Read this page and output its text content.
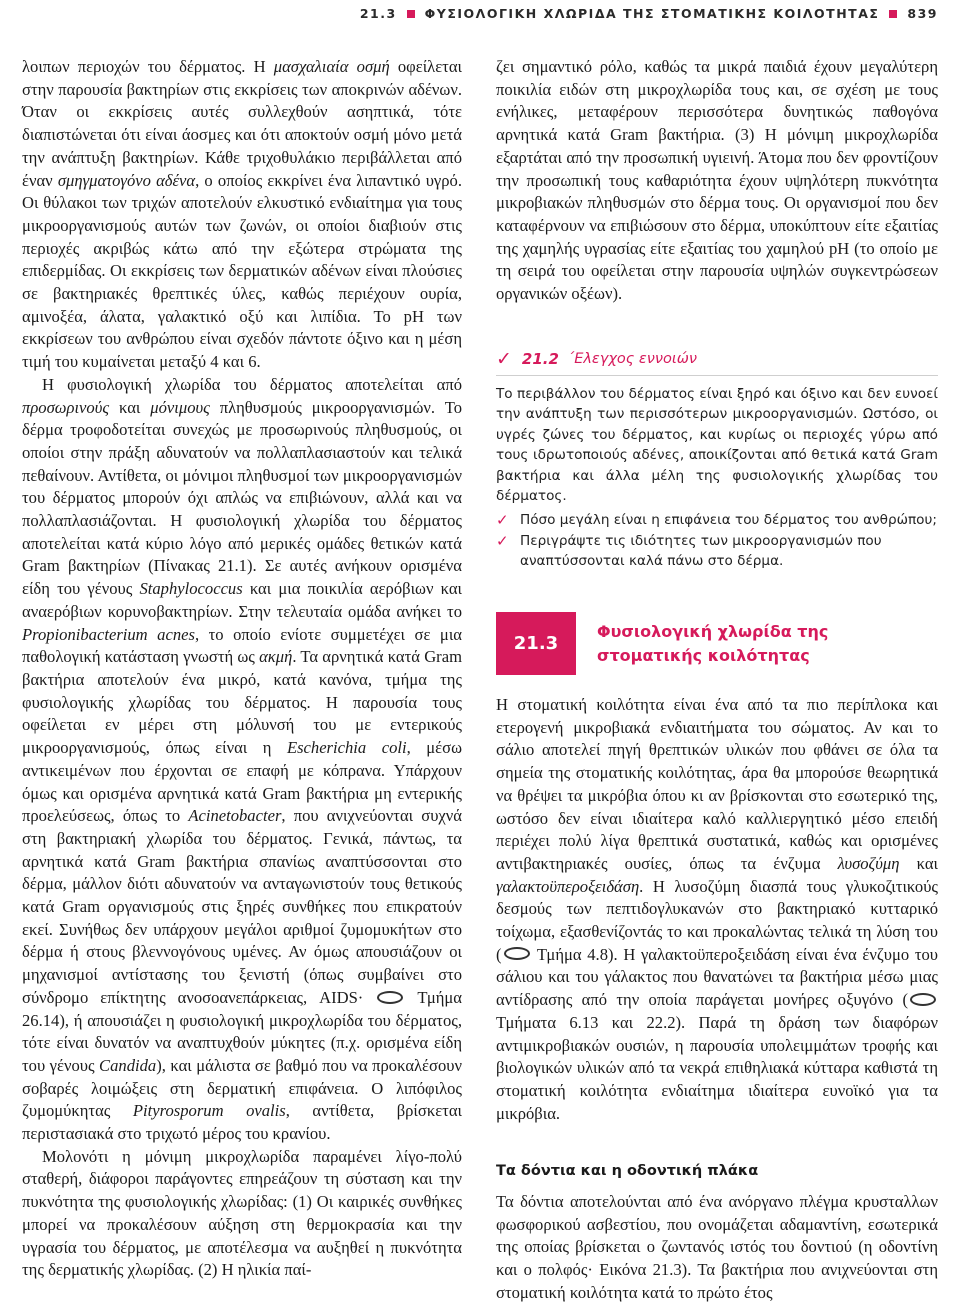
21.3 ΦΥΣΙΟΛΟΓΙΚΗ ΧΛΩΡΙΔΑ ΤΗΣ ΣΤΟΜΑΤΙΚΗΣ ΚΟΙΛΟΤΗΤΑΣ 839

λοιπων περιοχών του δέρματος. Η μασχαλιαία οσμή οφείλεται στην παρουσία βακτηρίων στις εκκρίσεις των αποκρινών αδένων. Όταν οι εκκρίσεις αυτές συλλεχθούν ασηπτικά, τότε διαπιστώνεται ότι είναι άοσμες και ότι αποκτούν οσμή μόνο μετά την ανάπτυξη βακτηρίων. Κάθε τριχοθυλάκιο περιβάλλεται από έναν σμηγματογόνο αδένα, ο οποίος εκκρίνει ένα λιπαντικό υγρό. Οι θύλακοι των τριχών αποτελούν ελκυστικό ενδιαίτημα για τους μικροοργανισμούς αυτών των ζωνών, οι οποίοι διαβιούν στις περιοχές ακριβώς κάτω από την εξώτερα στρώματα της επιδερμίδας. Οι εκκρίσεις των δερματικών αδένων είναι πλούσιες σε βακτηριακές θρεπτικές ύλες, καθώς περιέχουν ουρία, αμινοξέα, άλατα, γαλακτικό οξύ και λιπίδια. Το pH των εκκρίσεων του ανθρώπου είναι σχεδόν πάντοτε όξινο και η μέση τιμή του κυμαίνεται μεταξύ 4 και 6.

Η φυσιολογική χλωρίδα του δέρματος αποτελείται από προσωρινούς και μόνιμους πληθυσμούς μικροοργανισμών. Το δέρμα τροφοδοτείται συνεχώς με προσωρινούς πληθυσμούς, οι οποίοι στην πράξη αδυνατούν να πολλαπλασιαστούν και τελικά πεθαίνουν. Αντίθετα, οι μόνιμοι πληθυσμοί των μικροοργανισμών του δέρματος μπορούν όχι απλώς να επιβιώνουν, αλλά και να πολλαπλασιάζονται. Η φυσιολογική χλωρίδα του δέρματος αποτελείται κατά κύριο λόγο από μερικές ομάδες θετικών κατά Gram βακτηρίων (Πίνακας 21.1). Σε αυτές ανήκουν ορισμένα είδη του γένους Staphylococcus και μια ποικιλία αερόβιων και αναερόβιων κορυνοβακτηρίων. Στην τελευταία ομάδα ανήκει το Propionibacterium acnes, το οποίο ενίοτε συμμετέχει σε μια παθολογική κατάσταση γνωστή ως ακμή. Τα αρνητικά κατά Gram βακτήρια αποτελούν ένα μικρό, κατά κανόνα, τμήμα της φυσιολογικής χλωρίδας του δέρματος. Η παρουσία τους οφείλεται εν μέρει στη μόλυνσή του με εντερικούς μικροοργανισμούς, όπως είναι η Escherichia coli, μέσω αντικειμένων που έρχονται σε επαφή με κόπρανα. Υπάρχουν όμως και ορισμένα αρνητικά κατά Gram βακτήρια μη εντερικής προελεύσεως, όπως το Acinetobacter, που ανιχνεύονται συχνά στη βακτηριακή χλωρίδα του δέρματος. Γενικά, πάντως, τα αρνητικά κατά Gram βακτήρια σπανίως αναπτύσσονται στο δέρμα, μάλλον διότι αδυνατούν να ανταγωνιστούν τους θετικούς κατά Gram οργανισμούς στις ξηρές συνθήκες που επικρατούν εκεί. Συνήθως δεν υπάρχουν μεγάλοι αριθμοί ζυμομυκήτων στο δέρμα ή στους βλεννογόνους υμένες. Αν όμως απουσιάζουν οι μηχανισμοί αντίστασης του ξενιστή (όπως συμβαίνει στο σύνδρομο επίκτητης ανοσοανεπάρκειας, AIDS·	Τμήμα 26.14), ή απουσιάζει η φυσιολογική μικροχλωρίδα του δέρματος, τότε είναι δυνατόν να αναπτυχθούν μύκητες (π.χ. ορισμένα είδη του γένους Candida), και μάλιστα σε βαθμό που να προκαλέσουν σοβαρές λοιμώξεις στη δερματική επιφάνεια. Ο λιπόφιλος ζυμομύκητας Pityrosporum ovalis, αντίθετα, βρίσκεται περιστασιακά στο τριχωτό μέρος του κρανίου.

Μολονότι η μόνιμη μικροχλωρίδα παραμένει λίγο-πολύ σταθερή, διάφοροι παράγοντες επηρεάζουν τη σύσταση και την πυκνότητα της φυσιολογικής χλωρίδας: (1) Οι καιρικές συνθήκες μπορεί να προκαλέσουν αύξηση στη θερμοκρασία και την υγρασία του δέρματος, με αποτέλεσμα να αυξηθεί η πυκνότητα της δερματικής χλωρίδας. (2) Η ηλικία παί-

ζει σημαντικό ρόλο, καθώς τα μικρά παιδιά έχουν μεγαλύτερη ποικιλία ειδών στη μικροχλωρίδα τους και, σε σχέση με τους ενήλικες, μεταφέρουν περισσότερα δυνητικώς παθογόνα αρνητικά κατά Gram βακτήρια. (3) Η μόνιμη μικροχλωρίδα εξαρτάται από την προσωπική υγιεινή. Άτομα που δεν φροντίζουν την προσωπική τους καθαριότητα έχουν υψηλότερη πυκνότητα μικροβιακών πληθυσμών στο δέρμα τους. Οι οργανισμοί που δεν καταφέρνουν να επιβιώσουν στο δέρμα, υποκύπτουν είτε εξαιτίας της χαμηλής υγρασίας είτε εξαιτίας του χαμηλού pH (το οποίο με τη σειρά του οφείλεται στην παρουσία υψηλών συγκεντρώσεων οργανικών οξέων).

✓ 21.2 ΄Ελεγχος εννοιών

Το περιβάλλον του δέρματος είναι ξηρό και όξινο και δεν ευνοεί την ανάπτυξη των περισσότερων μικροοργανισμών. Ωστόσο, οι υγρές ζώνες του δέρματος, και κυρίως οι περιοχές γύρω από τους ιδρωτοποιούς αδένες, αποικίζονται από θετικά κατά Gram βακτήρια και άλλα μέλη της φυσιολογικής χλωρίδας του δέρματος.

✓ Πόσο μεγάλη είναι η επιφάνεια του δέρματος του ανθρώπου;
✓ Περιγράψτε τις ιδιότητες των μικροοργανισμών που αναπτύσσονται καλά πάνω στο δέρμα.
21.3
Φυσιολογική χλωρίδα της στοματικής κοιλότητας

Η στοματική κοιλότητα είναι ένα από τα πιο περίπλοκα και ετερογενή μικροβιακά ενδιαιτήματα του σώματος. Αν και το σάλιο αποτελεί πηγή θρεπτικών υλικών που φθάνει σε όλα τα σημεία της στοματικής κοιλότητας, άρα θα μπορούσε θεωρητικά να θρέψει τα μικρόβια όπου κι αν βρίσκονται στο εσωτερικό της, ωστόσο δεν είναι ιδιαίτερα καλό καλλιεργητικό μέσο επειδή περιέχει πολύ λίγα θρεπτικά συστατικά, καθώς και ορισμένες αντιβακτηριακές ουσίες, όπως τα ένζυμα λυσοζύμη και γαλακτοϋπεροξειδάση. Η λυσοζύμη διασπά τους γλυκοζιτικούς δεσμούς των πεπτιδογλυκανών στο βακτηριακό κυτταρικό τοίχωμα, εξασθενίζοντάς το και προκαλώντας τελικά τη λύση του ( Τμήμα 4.8). Η γαλακτοϋπεροξειδάση είναι ένα ένζυμο του σάλιου και του γάλακτος που θανατώνει τα βακτήρια μέσω μιας αντίδρασης από την οποία παράγεται μονήρες οξυγόνο ( Τμήματα 6.13 και 22.2). Παρά τη δράση των διαφόρων αντιμικροβιακών ουσιών, η παρουσία υπολειμμάτων τροφής και βιολογικών υλικών από τα νεκρά επιθηλιακά κύτταρα καθιστά τη στοματική κοιλότητα ενδιαίτημα ιδιαίτερα ευνοϊκό για τα μικρόβια.

Τα δόντια και η οδοντική πλάκα

Τα δόντια αποτελούνται από ένα ανόργανο πλέγμα κρυσταλλων φωσφορικού ασβεστίου, που ονομάζεται αδαμαντίνη, εσωτερικά της οποίας βρίσκεται ο ζωντανός ιστός του δοντιού (η οδοντίνη και ο πολφός· Εικόνα 21.3). Τα βακτήρια που ανιχνεύονται στη στοματική κοιλότητα κατά το πρώτο έτος
